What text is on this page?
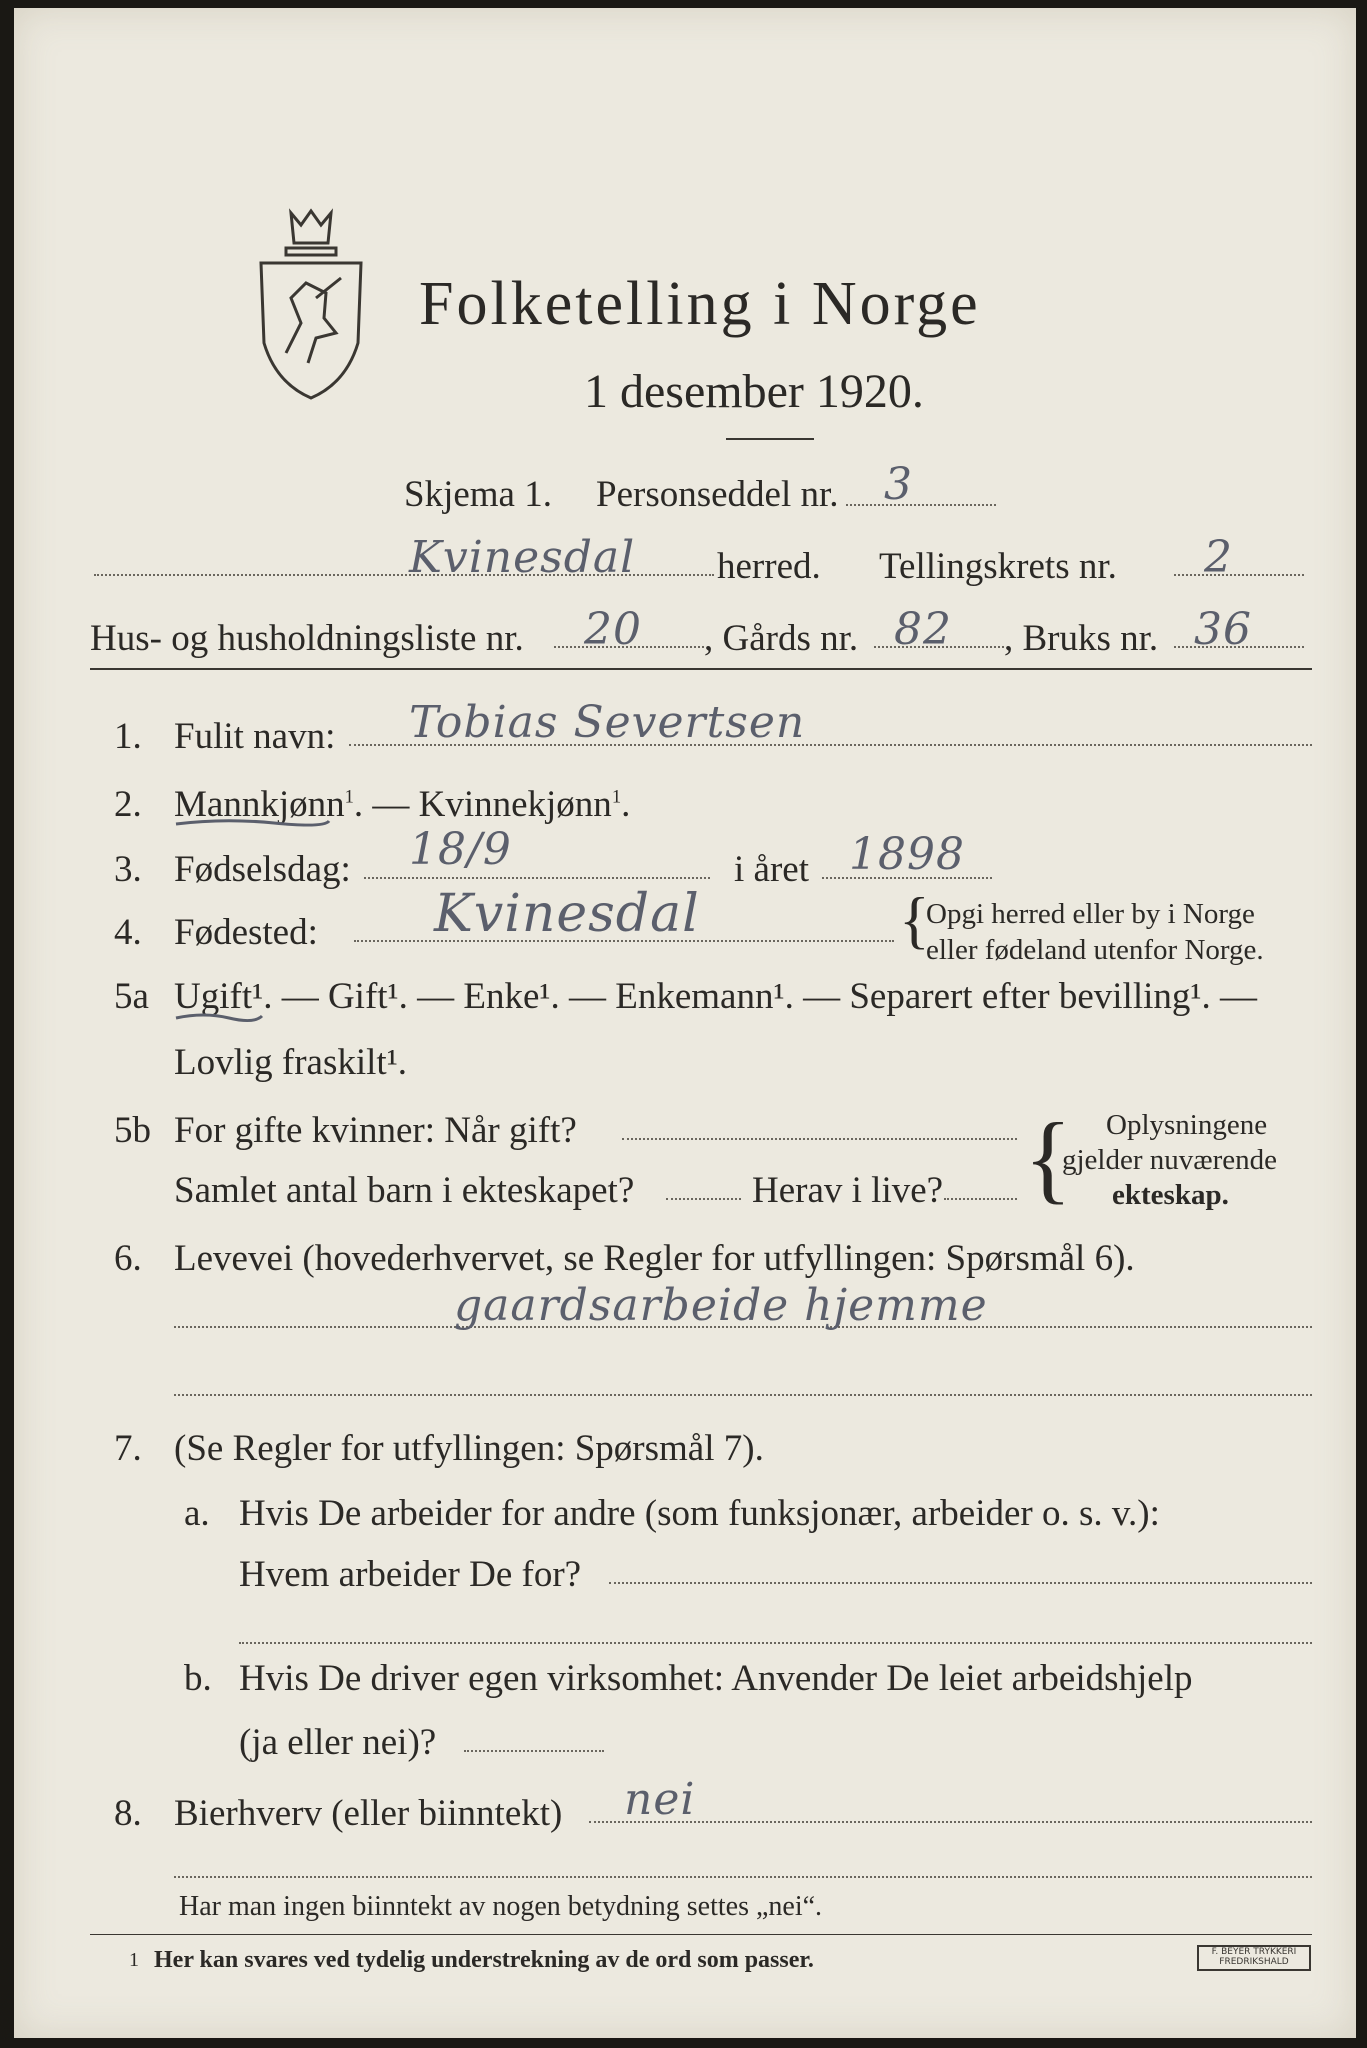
Folketelling i Norge
1 desember 1920.
Skjema 1. Personseddel nr. 3
Kvinesdal herred. Tellingskrets nr. 2
Hus- og husholdningsliste nr. 20 , Gårds nr. 82 , Bruks nr. 36
1. Fulit navn: Tobias Severtsen
2. Mannkjønn$^1$. — Kvinnekjønn$^1$.
3. Fødselsdag: 18/9	i året 1898
4. Fødested: Kvinesdal	{
Opgi herred eller by i Norge
eller fødeland utenfor Norge.
5a Ugift¹. — Gift¹. — Enke¹. — Enkemann¹. — Separert efter bevilling¹. —
Lovlig fraskilt¹.
5b For gifte kvinner: Når gift?
Samlet antal barn i ekteskapet?	Herav i live? { Oplysningene
gjelder nuværende
ekteskap.
6. Levevei (hovederhvervet, se Regler for utfyllingen: Spørsmål 6).
gaardsarbeide hjemme
7. (Se Regler for utfyllingen: Spørsmål 7).
a. Hvis De arbeider for andre (som funksjonær, arbeider o. s. v.):
Hvem arbeider De for?
b. Hvis De driver egen virksomhet: Anvender De leiet arbeidshjelp
(ja eller nei)?
8. Bierhverv (eller biinntekt) nei
Har man ingen biinntekt av nogen betydning settes „nei“.
1 Her kan svares ved tydelig understrekning av de ord som passer.	F. BEYER TRYKKERI FREDRIKSHALD
